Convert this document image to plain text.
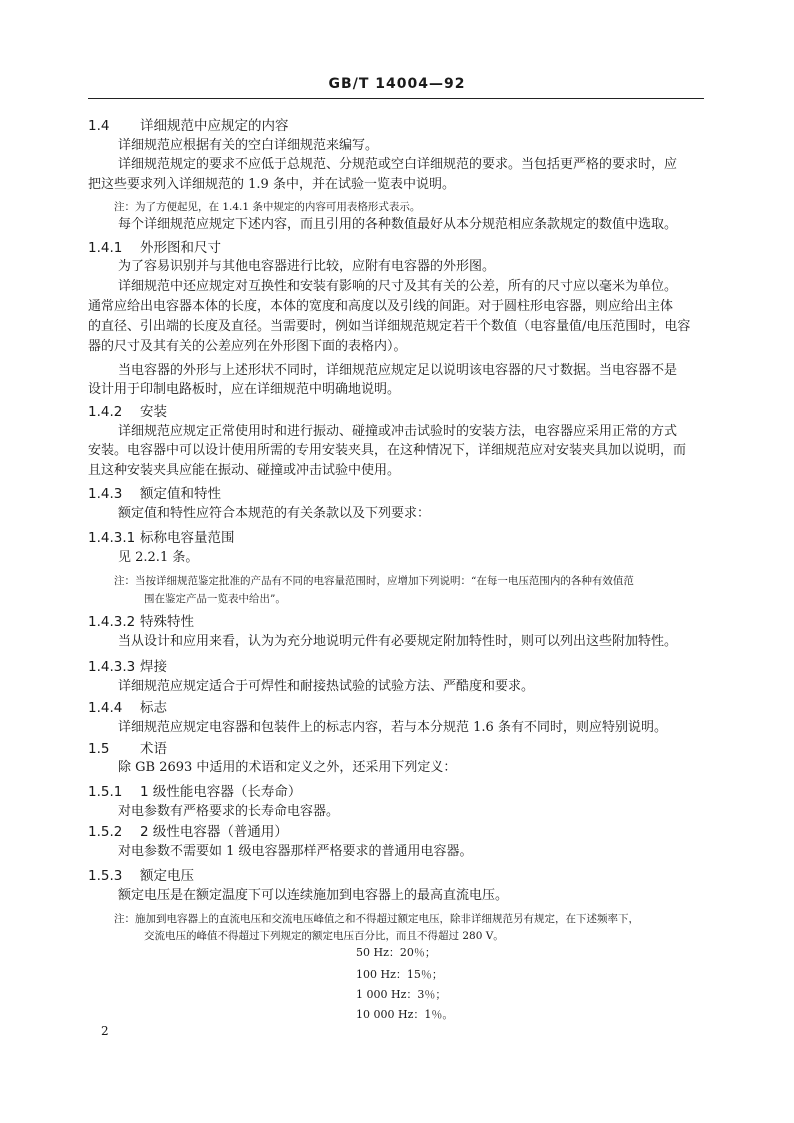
GB/T 14004—92
1.4 详细规范中应规定的内容
详细规范应根据有关的空白详细规范来编写。
详细规范规定的要求不应低于总规范、分规范或空白详细规范的要求。当包括更严格的要求时，应
把这些要求列入详细规范的 1.9 条中，并在试验一览表中说明。
注：为了方便起见，在 1.4.1 条中规定的内容可用表格形式表示。
每个详细规范应规定下述内容，而且引用的各种数值最好从本分规范相应条款规定的数值中选取。
1.4.1 外形图和尺寸
为了容易识别并与其他电容器进行比较，应附有电容器的外形图。
详细规范中还应规定对互换性和安装有影响的尺寸及其有关的公差，所有的尺寸应以毫米为单位。
通常应给出电容器本体的长度，本体的宽度和高度以及引线的间距。对于圆柱形电容器，则应给出主体
的直径、引出端的长度及直径。当需要时，例如当详细规范规定若干个数值（电容量值/电压范围时，电容
器的尺寸及其有关的公差应列在外形图下面的表格内）。
当电容器的外形与上述形状不同时，详细规范应规定足以说明该电容器的尺寸数据。当电容器不是
设计用于印制电路板时，应在详细规范中明确地说明。
1.4.2 安装
详细规范应规定正常使用时和进行振动、碰撞或冲击试验时的安装方法，电容器应采用正常的方式
安装。电容器中可以设计使用所需的专用安装夹具，在这种情况下，详细规范应对安装夹具加以说明，而
且这种安装夹具应能在振动、碰撞或冲击试验中使用。
1.4.3 额定值和特性
额定值和特性应符合本规范的有关条款以及下列要求：
1.4.3.1 标称电容量范围
见 2.2.1 条。
注：当按详细规范鉴定批准的产品有不同的电容量范围时，应增加下列说明：“在每一电压范围内的各种有效值范
围在鉴定产品一览表中给出”。
1.4.3.2 特殊特性
当从设计和应用来看，认为为充分地说明元件有必要规定附加特性时，则可以列出这些附加特性。
1.4.3.3 焊接
详细规范应规定适合于可焊性和耐接热试验的试验方法、严酷度和要求。
1.4.4 标志
详细规范应规定电容器和包装件上的标志内容，若与本分规范 1.6 条有不同时，则应特别说明。
1.5 术语
除 GB 2693 中适用的术语和定义之外，还采用下列定义：
1.5.1 1 级性能电容器（长寿命）
对电参数有严格要求的长寿命电容器。
1.5.2 2 级性电容器（普通用）
对电参数不需要如 1 级电容器那样严格要求的普通用电容器。
1.5.3 额定电压
额定电压是在额定温度下可以连续施加到电容器上的最高直流电压。
注：施加到电容器上的直流电压和交流电压峰值之和不得超过额定电压，除非详细规范另有规定，在下述频率下，
交流电压的峰值不得超过下列规定的额定电压百分比，而且不得超过 280 V。
50 Hz：20％；
100 Hz：15％；
1 000 Hz：3％；
10 000 Hz：1％。
2
